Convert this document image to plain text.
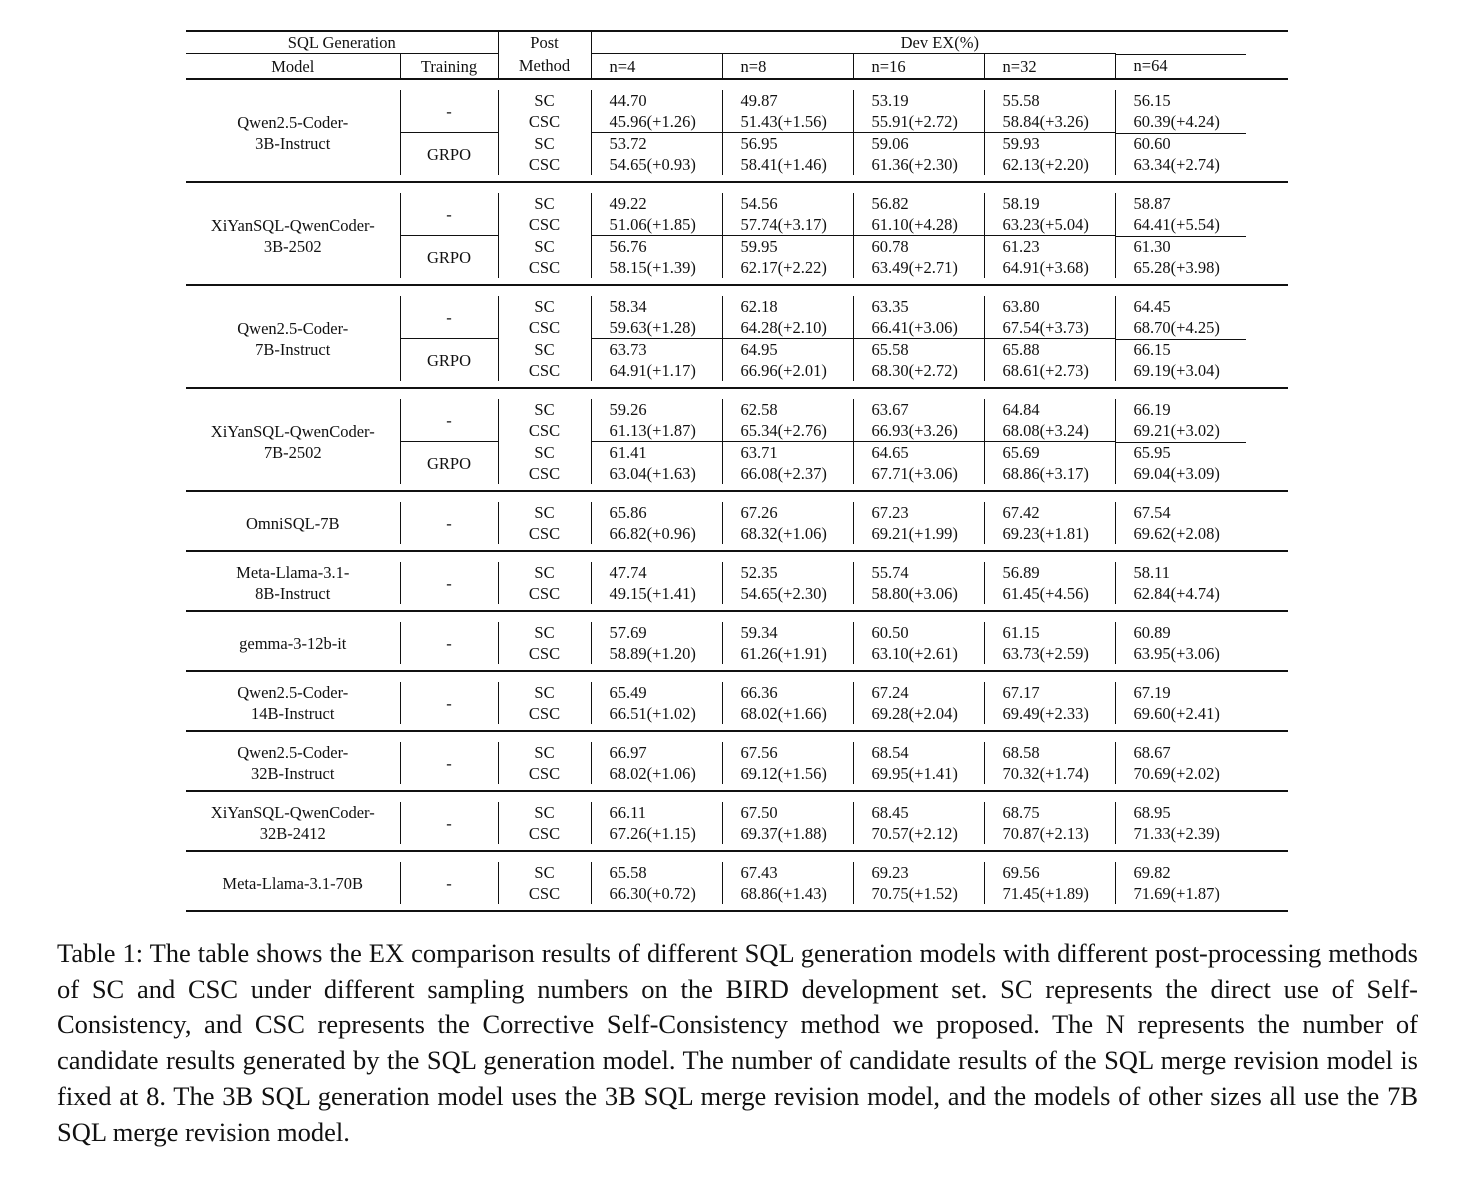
SQL Generation		Post	Dev EX(%)				
Model	Training	Method	n=4	n=8	n=16	n=32	n=64

Qwen2.5-Coder-
3B-Instruct	-	SC	44.70	49.87	53.19	55.58	56.15
		CSC	45.96(+1.26)	51.43(+1.56)	55.91(+2.72)	58.84(+3.26)	60.39(+4.24)
	GRPO	SC	53.72	56.95	59.06	59.93	60.60
		CSC	54.65(+0.93)	58.41(+1.46)	61.36(+2.30)	62.13(+2.20)	63.34(+2.74)

XiYanSQL-QwenCoder-
3B-2502	-	SC	49.22	54.56	56.82	58.19	58.87
		CSC	51.06(+1.85)	57.74(+3.17)	61.10(+4.28)	63.23(+5.04)	64.41(+5.54)
	GRPO	SC	56.76	59.95	60.78	61.23	61.30
		CSC	58.15(+1.39)	62.17(+2.22)	63.49(+2.71)	64.91(+3.68)	65.28(+3.98)

Qwen2.5-Coder-
7B-Instruct	-	SC	58.34	62.18	63.35	63.80	64.45
		CSC	59.63(+1.28)	64.28(+2.10)	66.41(+3.06)	67.54(+3.73)	68.70(+4.25)
	GRPO	SC	63.73	64.95	65.58	65.88	66.15
		CSC	64.91(+1.17)	66.96(+2.01)	68.30(+2.72)	68.61(+2.73)	69.19(+3.04)

XiYanSQL-QwenCoder-
7B-2502	-	SC	59.26	62.58	63.67	64.84	66.19
		CSC	61.13(+1.87)	65.34(+2.76)	66.93(+3.26)	68.08(+3.24)	69.21(+3.02)
	GRPO	SC	61.41	63.71	64.65	65.69	65.95
		CSC	63.04(+1.63)	66.08(+2.37)	67.71(+3.06)	68.86(+3.17)	69.04(+3.09)

OmniSQL-7B	-	SC	65.86	67.26	67.23	67.42	67.54
		CSC	66.82(+0.96)	68.32(+1.06)	69.21(+1.99)	69.23(+1.81)	69.62(+2.08)

Meta-Llama-3.1-
8B-Instruct	-	SC	47.74	52.35	55.74	56.89	58.11
		CSC	49.15(+1.41)	54.65(+2.30)	58.80(+3.06)	61.45(+4.56)	62.84(+4.74)

gemma-3-12b-it	-	SC	57.69	59.34	60.50	61.15	60.89
		CSC	58.89(+1.20)	61.26(+1.91)	63.10(+2.61)	63.73(+2.59)	63.95(+3.06)

Qwen2.5-Coder-
14B-Instruct	-	SC	65.49	66.36	67.24	67.17	67.19
		CSC	66.51(+1.02)	68.02(+1.66)	69.28(+2.04)	69.49(+2.33)	69.60(+2.41)

Qwen2.5-Coder-
32B-Instruct	-	SC	66.97	67.56	68.54	68.58	68.67
		CSC	68.02(+1.06)	69.12(+1.56)	69.95(+1.41)	70.32(+1.74)	70.69(+2.02)

XiYanSQL-QwenCoder-
32B-2412	-	SC	66.11	67.50	68.45	68.75	68.95
		CSC	67.26(+1.15)	69.37(+1.88)	70.57(+2.12)	70.87(+2.13)	71.33(+2.39)

Meta-Llama-3.1-70B	-	SC	65.58	67.43	69.23	69.56	69.82
		CSC	66.30(+0.72)	68.86(+1.43)	70.75(+1.52)	71.45(+1.89)	71.69(+1.87)

Table 1: The table shows the EX comparison results of different SQL generation models with different post-processing methods of SC and CSC under different sampling numbers on the BIRD development set. SC represents the direct use of Self-Consistency, and CSC represents the Corrective Self-Consistency method we proposed. The N represents the number of candidate results generated by the SQL generation model. The number of candidate results of the SQL merge revision model is fixed at 8. The 3B SQL generation model uses the 3B SQL merge revision model, and the models of other sizes all use the 7B SQL merge revision model.
